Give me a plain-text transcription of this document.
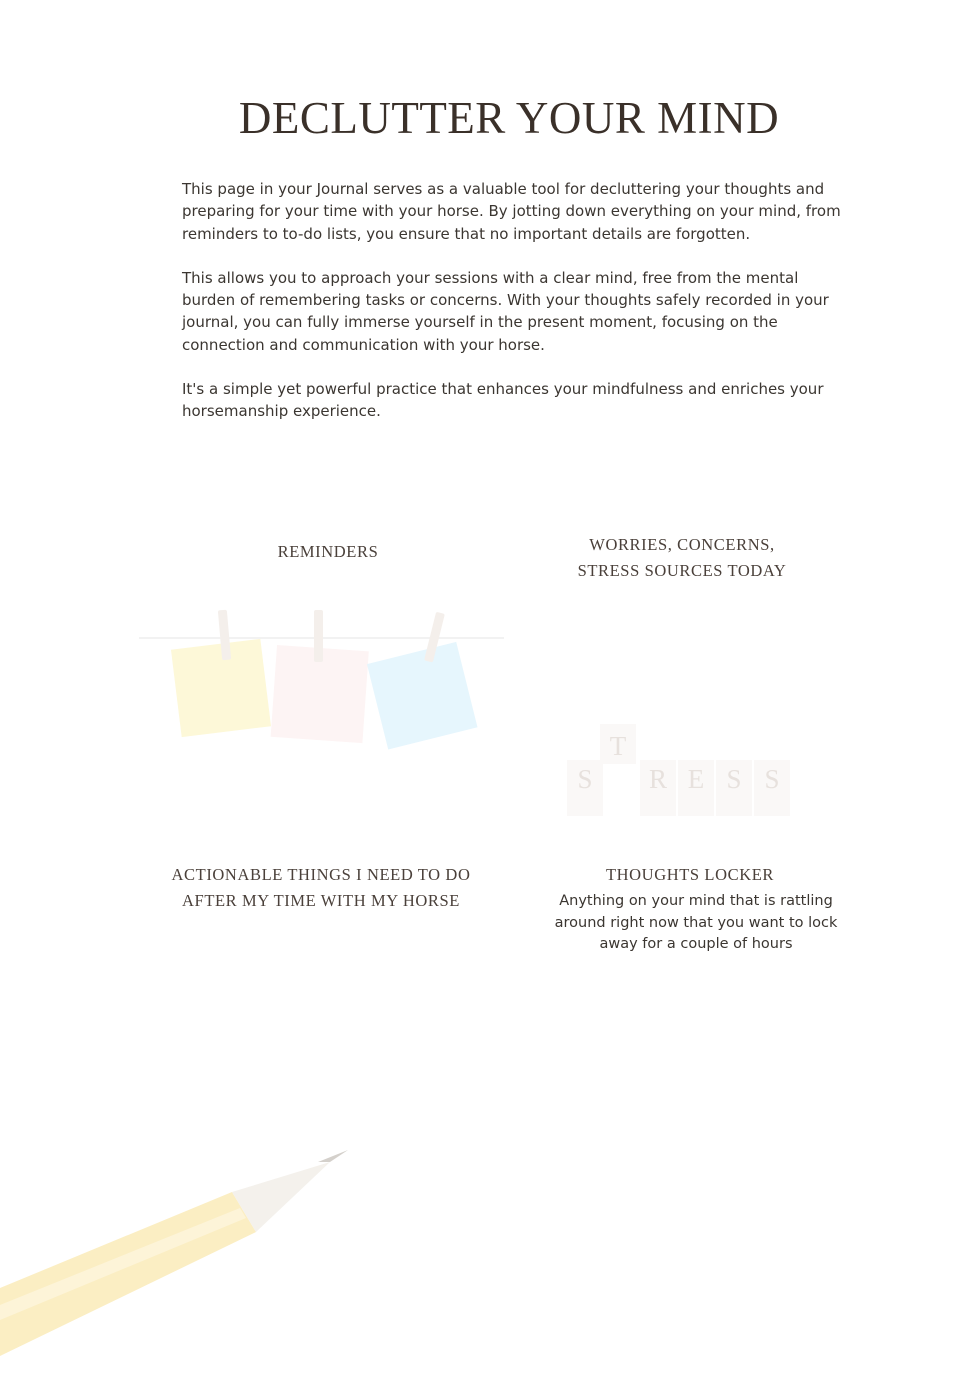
DECLUTTER YOUR MIND

This page in your Journal serves as a valuable tool for decluttering your thoughts and preparing for your time with your horse. By jotting down everything on your mind, from reminders to to-do lists, you ensure that no important details are forgotten.

This allows you to approach your sessions with a clear mind, free from the mental burden of remembering tasks or concerns. With your thoughts safely recorded in your journal, you can fully immerse yourself in the present moment, focusing on the connection and communication with your horse.

It's a simple yet powerful practice that enhances your mindfulness and enriches your horsemanship experience.

REMINDERS	WORRIES, CONCERNS,
STRESS SOURCES TODAY
T
S R E S S
ACTIONABLE THINGS I NEED TO DO
AFTER MY TIME WITH MY HORSE
THOUGHTS LOCKER

Anything on your mind that is rattling around right now that you want to lock away for a couple of hours
